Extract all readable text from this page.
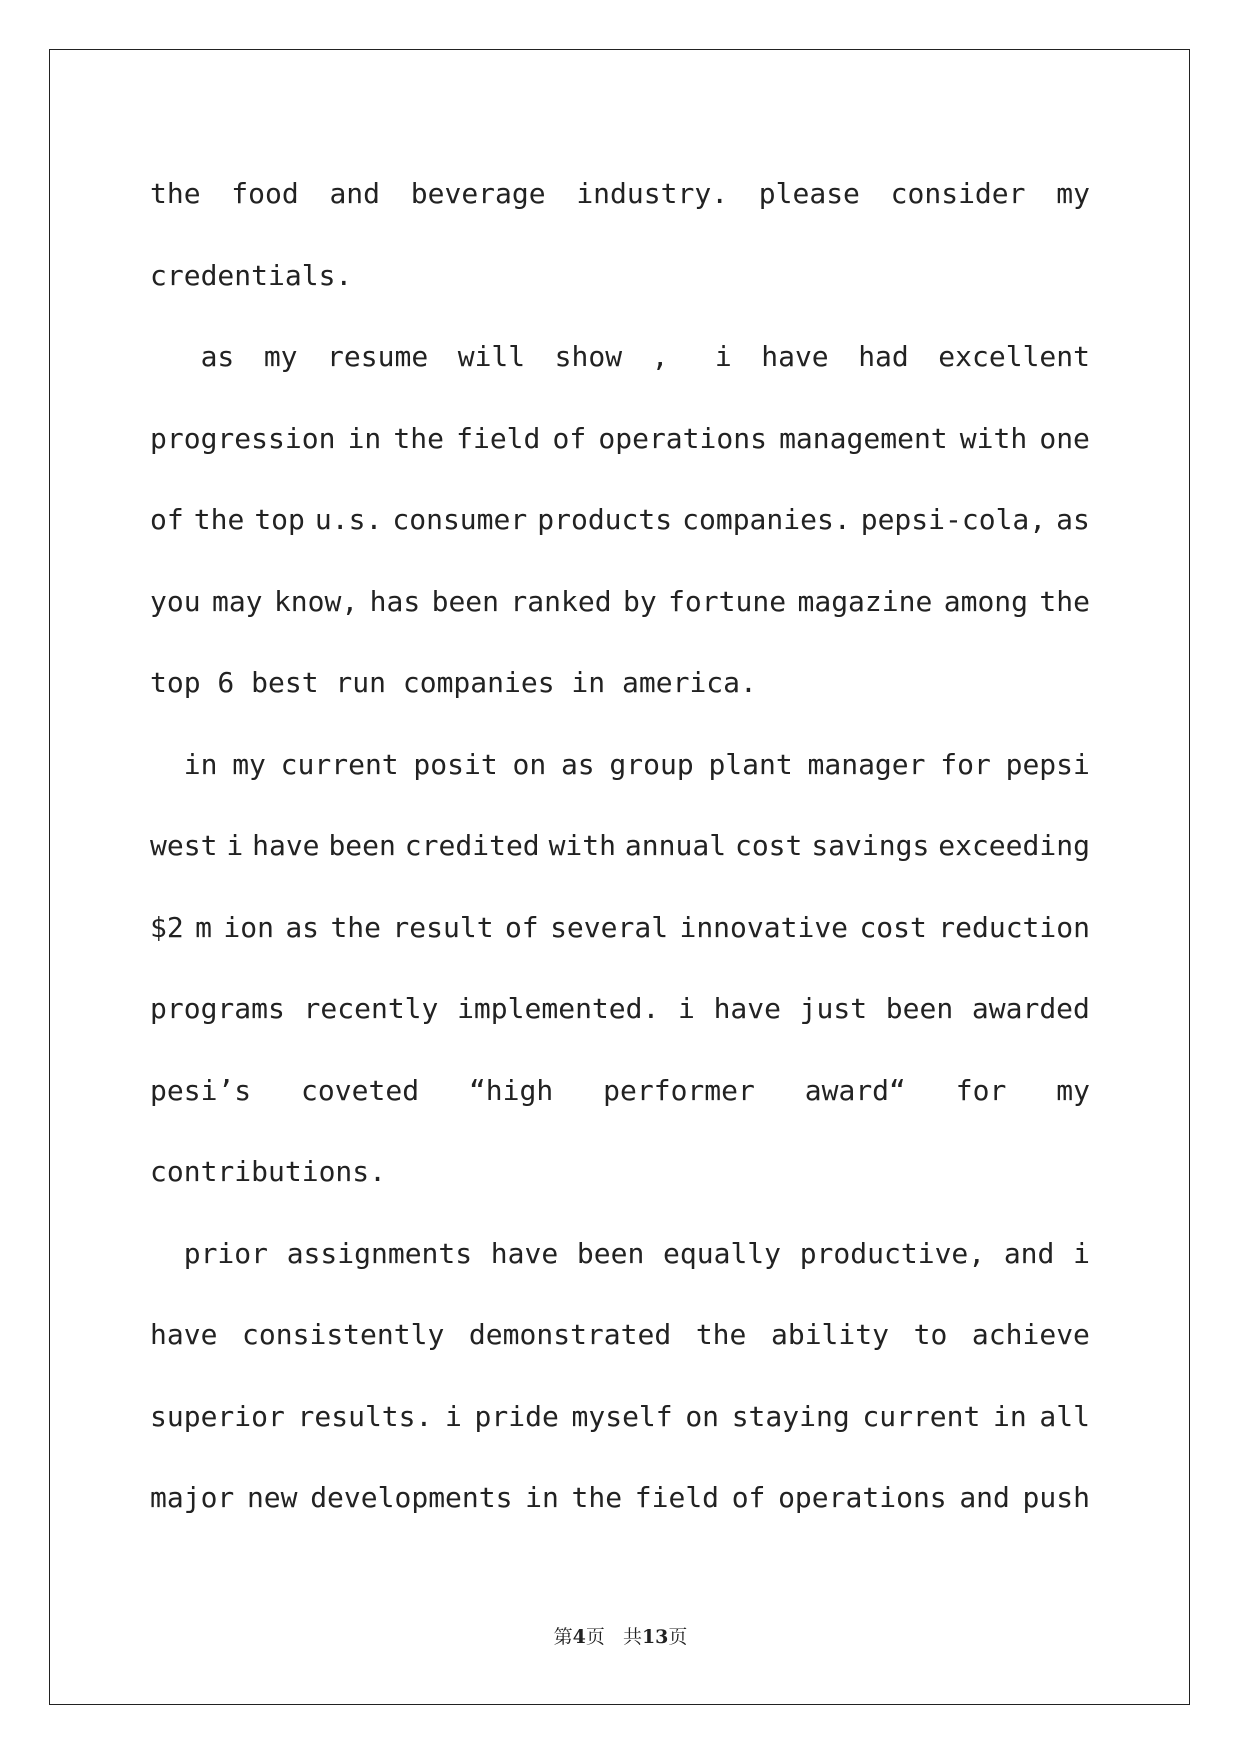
the food and beverage industry. please consider my
credentials.
as my resume will show , i have had excellent
progression in the field of operations management with one
of the top u.s. consumer products companies. pepsi-cola, as
you may know, has been ranked by fortune magazine among the
top 6 best run companies in america.
in my current posit on as group plant manager for pepsi
west i have been credited with annual cost savings exceeding
$2 m ion as the result of several innovative cost reduction
programs recently implemented. i have just been awarded
pesi’s coveted “high performer award“ for my
contributions.
prior assignments have been equally productive, and i
have consistently demonstrated the ability to achieve
superior results. i pride myself on staying current in all
major new developments in the field of operations and push
第4页   共13页
